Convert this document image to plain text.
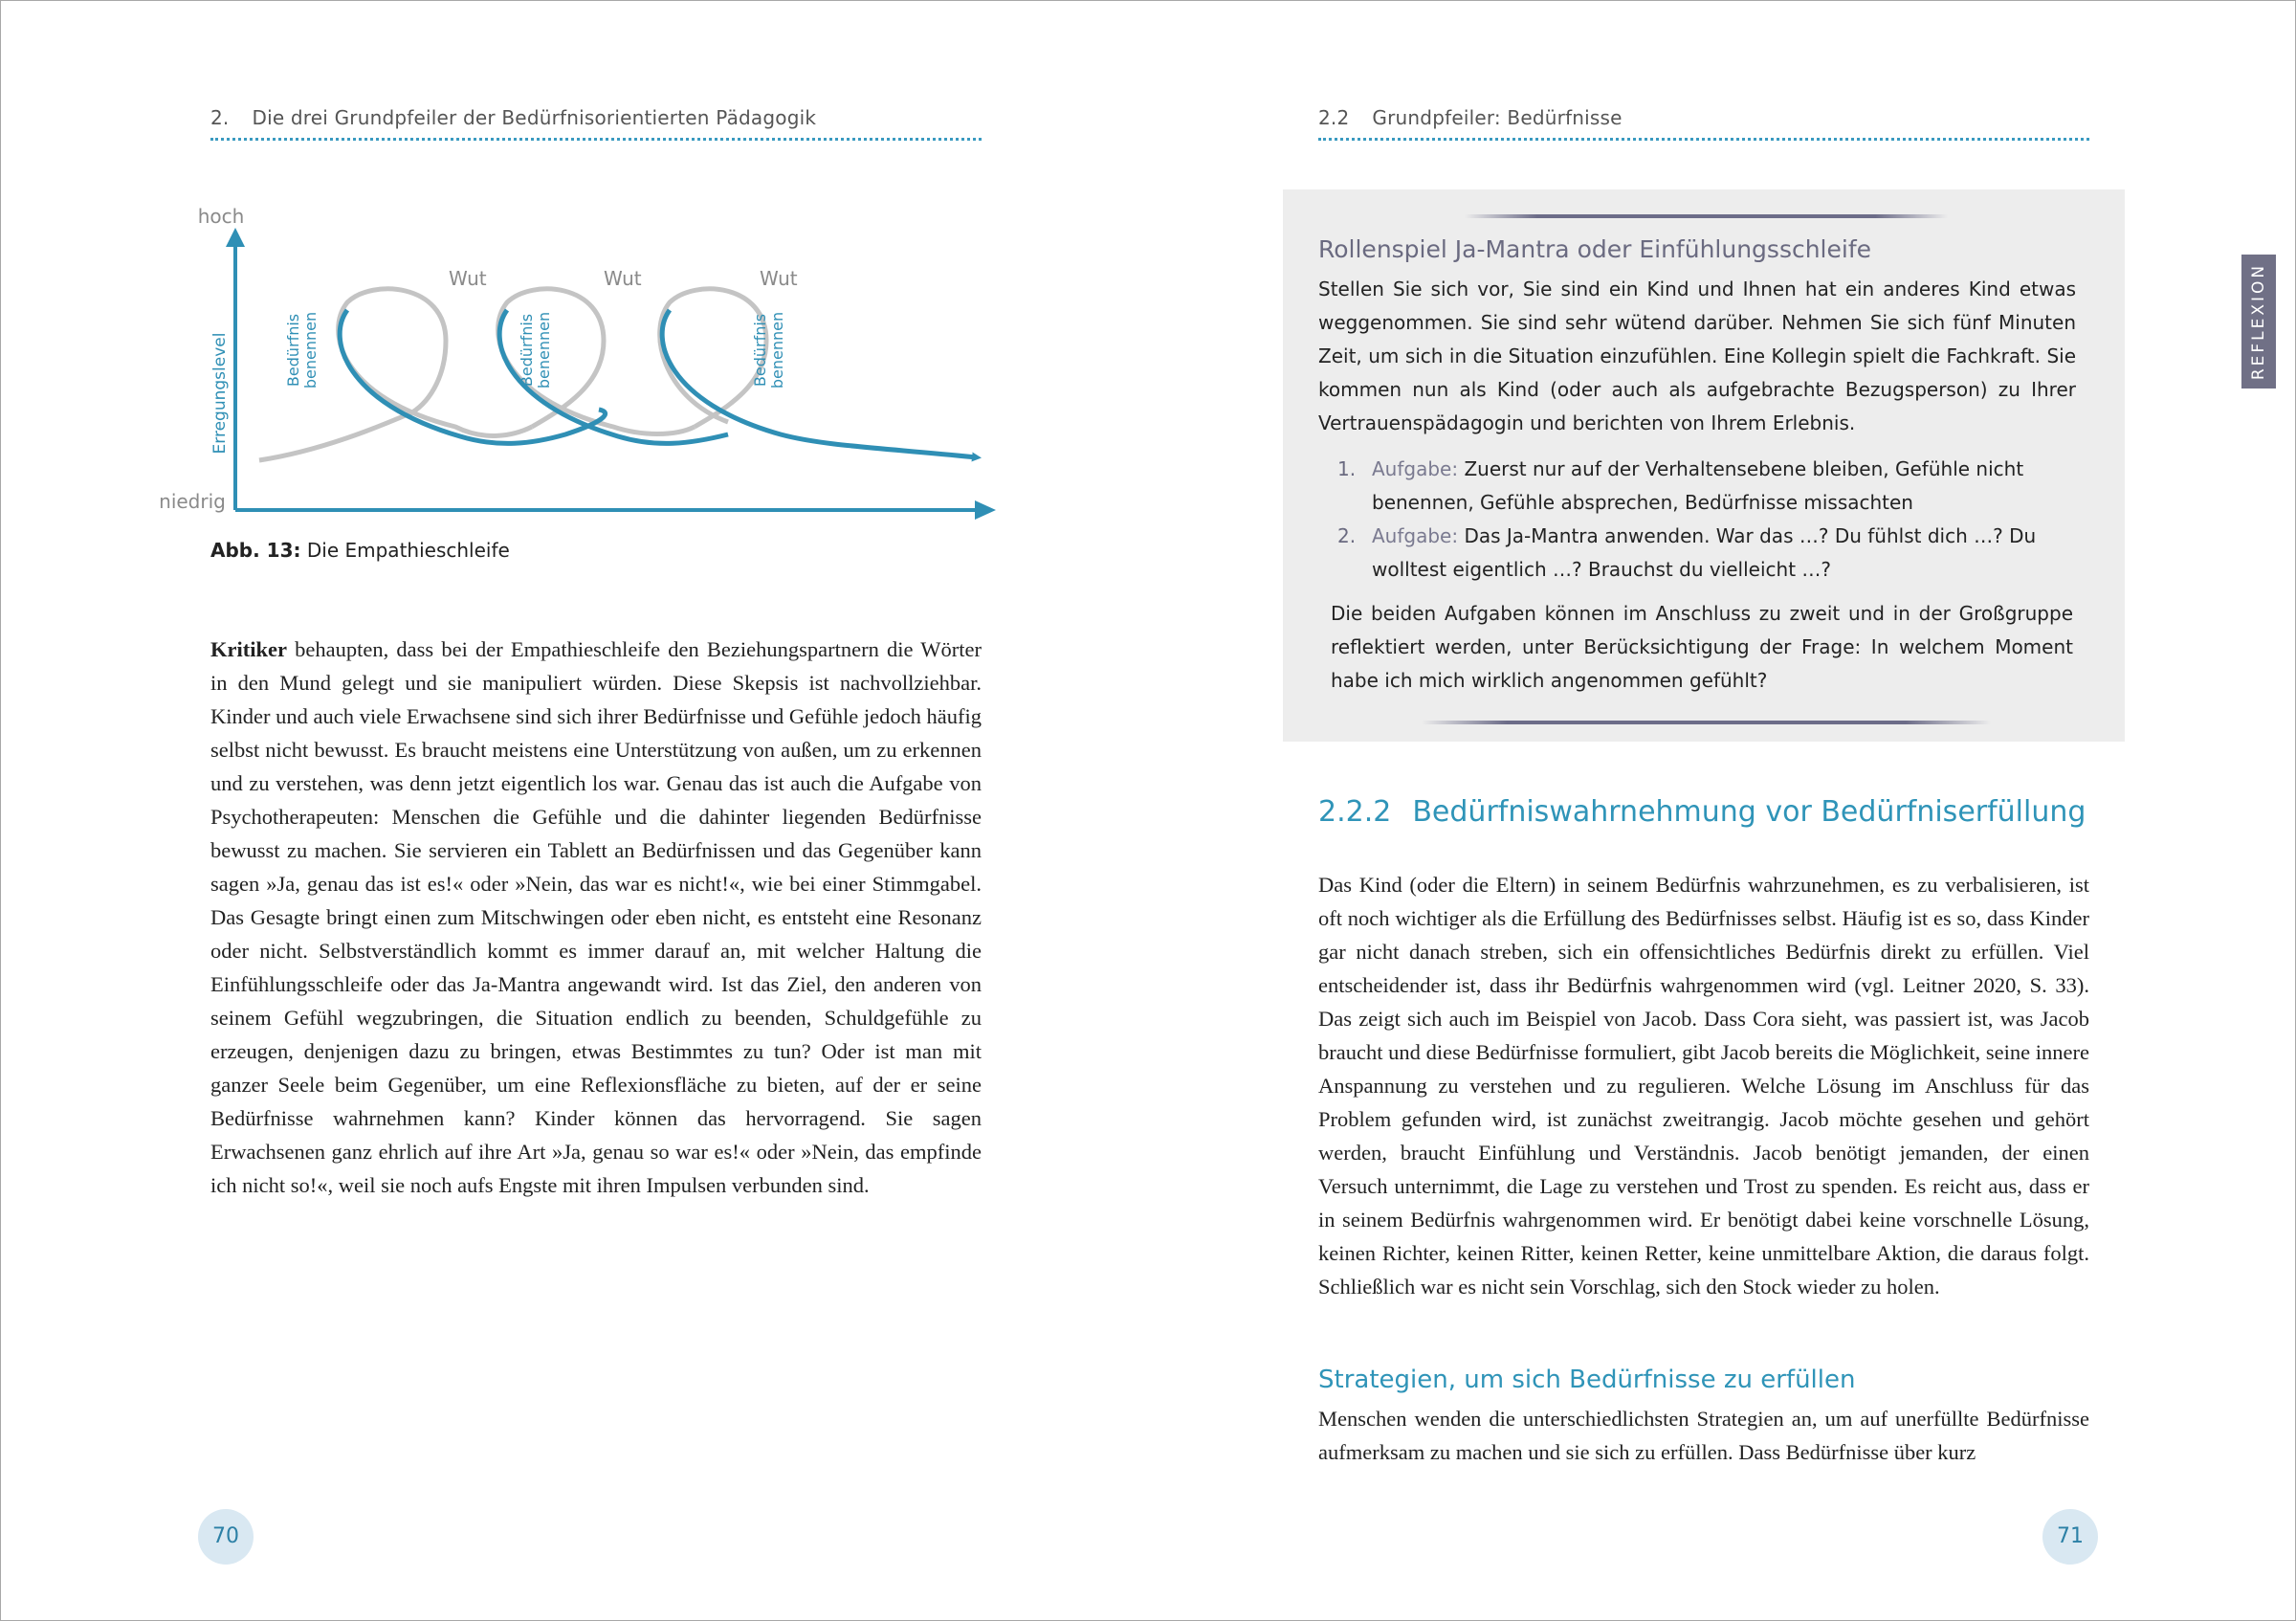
2. Die drei Grundpfeiler der Bedürfnisorientierten Pädagogik
hoch
niedrig
Erregungslevel
Wut	Wut	Wut
Bedürfnis benennen	Bedürfnis benennen	Bedürfnis benennen
Abb. 13: Die Empathieschleife

Kritiker behaupten, dass bei der Empathieschleife den Beziehungspartnern die Wörter in den Mund gelegt und sie manipuliert würden. Diese Skepsis ist nachvollziehbar. Kinder und auch viele Erwachsene sind sich ihrer Bedürfnisse und Gefühle jedoch häufig selbst nicht bewusst. Es braucht meistens eine Unterstützung von außen, um zu erkennen und zu verstehen, was denn jetzt eigentlich los war. Genau das ist auch die Aufgabe von Psychotherapeuten: Menschen die Gefühle und die dahinter liegenden Bedürfnisse bewusst zu machen. Sie servieren ein Tablett an Bedürfnissen und das Gegenüber kann sagen »Ja, genau das ist es!« oder »Nein, das war es nicht!«, wie bei einer Stimmgabel. Das Gesagte bringt einen zum Mitschwingen oder eben nicht, es entsteht eine Resonanz oder nicht. Selbstverständlich kommt es immer darauf an, mit welcher Haltung die Einfühlungsschleife oder das Ja-Mantra angewandt wird. Ist das Ziel, den anderen von seinem Gefühl wegzubringen, die Situation endlich zu beenden, Schuldgefühle zu erzeugen, denjenigen dazu zu bringen, etwas Bestimmtes zu tun? Oder ist man mit ganzer Seele beim Gegenüber, um eine Reflexionsfläche zu bieten, auf der er seine Bedürfnisse wahrnehmen kann? Kinder können das hervorragend. Sie sagen Erwachsenen ganz ehrlich auf ihre Art »Ja, genau so war es!« oder »Nein, das empfinde ich nicht so!«, weil sie noch aufs Engste mit ihren Impulsen verbunden sind.

70
2.2 Grundpfeiler: Bedürfnisse
Rollenspiel Ja-Mantra oder Einfühlungsschleife
REFLEXION
Stellen Sie sich vor, Sie sind ein Kind und Ihnen hat ein anderes Kind etwas weggenommen. Sie sind sehr wütend darüber. Nehmen Sie sich fünf Minuten Zeit, um sich in die Situation einzufühlen. Eine Kollegin spielt die Fachkraft. Sie kommen nun als Kind (oder auch als aufgebrachte Bezugsperson) zu Ihrer Vertrauenspädagogin und berichten von Ihrem Erlebnis.
1. Aufgabe: Zuerst nur auf der Verhaltensebene bleiben, Gefühle nicht benennen, Gefühle absprechen, Bedürfnisse missachten
2. Aufgabe: Das Ja-Mantra anwenden. War das …? Du fühlst dich …? Du wolltest eigentlich …? Brauchst du vielleicht …?
Die beiden Aufgaben können im Anschluss zu zweit und in der Großgruppe reflektiert werden, unter Berücksichtigung der Frage: In welchem Moment habe ich mich wirklich angenommen gefühlt?
2.2.2 Bedürfniswahrnehmung vor Bedürfniserfüllung

Das Kind (oder die Eltern) in seinem Bedürfnis wahrzunehmen, es zu verbalisieren, ist oft noch wichtiger als die Erfüllung des Bedürfnisses selbst. Häufig ist es so, dass Kinder gar nicht danach streben, sich ein offensichtliches Bedürfnis direkt zu erfüllen. Viel entscheidender ist, dass ihr Bedürfnis wahrgenommen wird (vgl. Leitner 2020, S. 33). Das zeigt sich auch im Beispiel von Jacob. Dass Cora sieht, was passiert ist, was Jacob braucht und diese Bedürfnisse formuliert, gibt Jacob bereits die Möglichkeit, seine innere Anspannung zu verstehen und zu regulieren. Welche Lösung im Anschluss für das Problem gefunden wird, ist zunächst zweitrangig. Jacob möchte gesehen und gehört werden, braucht Einfühlung und Verständnis. Jacob benötigt jemanden, der einen Versuch unternimmt, die Lage zu verstehen und Trost zu spenden. Es reicht aus, dass er in seinem Bedürfnis wahrgenommen wird. Er benötigt dabei keine vorschnelle Lösung, keinen Richter, keinen Ritter, keinen Retter, keine unmittelbare Aktion, die daraus folgt. Schließlich war es nicht sein Vorschlag, sich den Stock wieder zu holen.

Strategien, um sich Bedürfnisse zu erfüllen

Menschen wenden die unterschiedlichsten Strategien an, um auf unerfüllte Bedürfnisse aufmerksam zu machen und sie sich zu erfüllen. Dass Bedürfnisse über kurz

71
